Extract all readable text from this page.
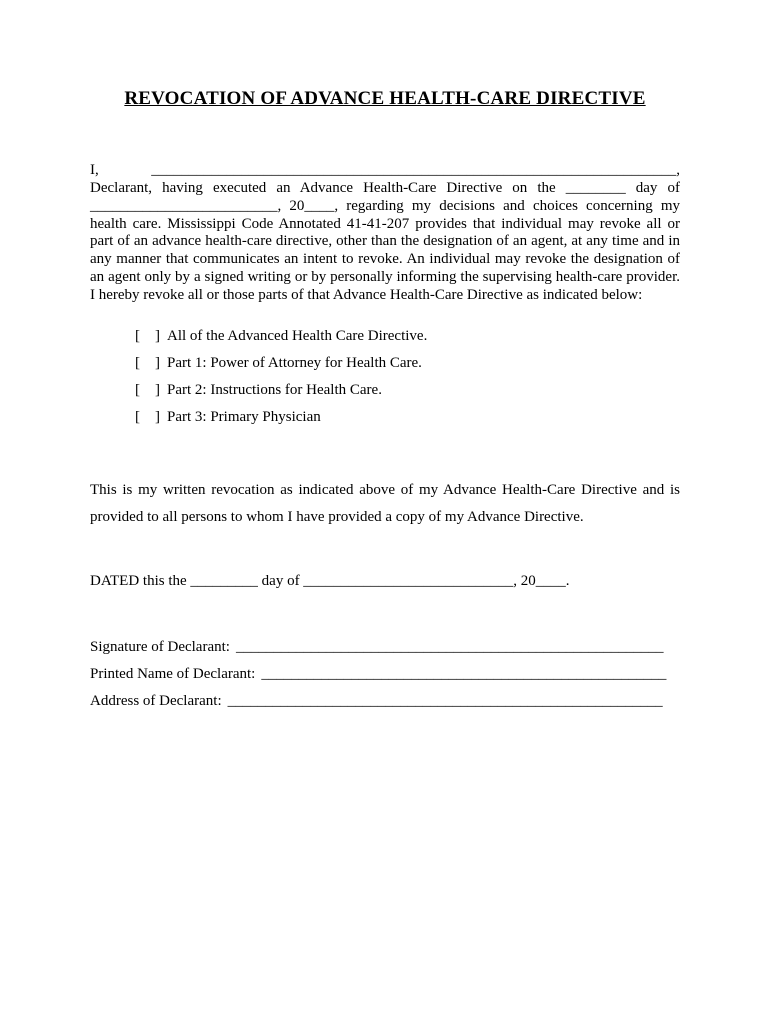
REVOCATION OF ADVANCE HEALTH-CARE DIRECTIVE

I, ______________________________________________________________________, Declarant, having executed an Advance Health-Care Directive on the ________ day of _________________________, 20____, regarding my decisions and choices concerning my health care. Mississippi Code Annotated 41-41-207 provides that individual may revoke all or part of an advance health-care directive, other than the designation of an agent, at any time and in any manner that communicates an intent to revoke. An individual may revoke the designation of an agent only by a signed writing or by personally informing the supervising health-care provider. I hereby revoke all or those parts of that Advance Health-Care Directive as indicated below:

[    ] All of the Advanced Health Care Directive.
[    ] Part 1: Power of Attorney for Health Care.
[    ] Part 2: Instructions for Health Care.
[    ] Part 3: Primary Physician

This is my written revocation as indicated above of my Advance Health-Care Directive and is provided to all persons to whom I have provided a copy of my Advance Directive.

DATED this the _________ day of ____________________________, 20____.

Signature of Declarant: _________________________________________________________

Printed Name of Declarant: ______________________________________________________

Address of Declarant: __________________________________________________________
